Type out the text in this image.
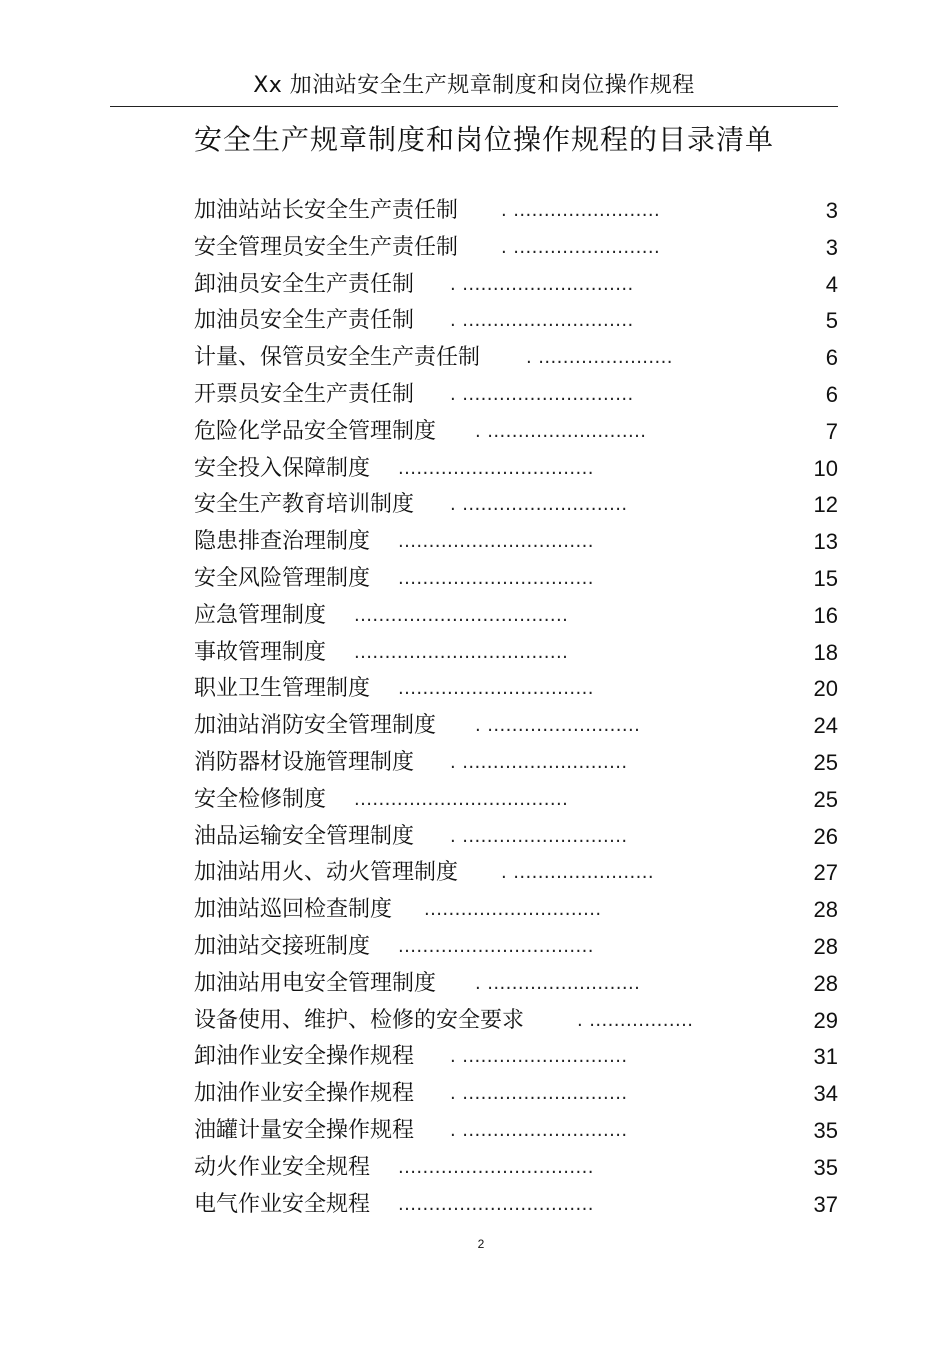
Xx 加油站安全生产规章制度和岗位操作规程
安全生产规章制度和岗位操作规程的目录清单
加油站站长安全生产责任制 . ........................	3
安全管理员安全生产责任制 . ........................	3
卸油员安全生产责任制 . ............................	4
加油员安全生产责任制 . ............................	5
计量、保管员安全生产责任制	. ......................	6
开票员安全生产责任制 . ............................	6
危险化学品安全管理制度 . ..........................	7
安全投入保障制度 ................................	10
安全生产教育培训制度 . ...........................	12
隐患排查治理制度 ................................	13
安全风险管理制度 ................................	15
应急管理制度 ...................................	16
事故管理制度 ...................................	18
职业卫生管理制度 ................................	20
加油站消防安全管理制度 . .........................	24
消防器材设施管理制度 . ...........................	25
安全检修制度 ...................................	25
油品运输安全管理制度 . ...........................	26
加油站用火、动火管理制度 . .......................	27
加油站巡回检查制度 .............................	28
加油站交接班制度 ................................	28
加油站用电安全管理制度 . .........................	28
设备使用、维护、检修的安全要求	. .................	29
卸油作业安全操作规程 . ...........................	31
加油作业安全操作规程 . ...........................	34
油罐计量安全操作规程 . ...........................	35
动火作业安全规程 ................................	35
电气作业安全规程 ................................	37
2
